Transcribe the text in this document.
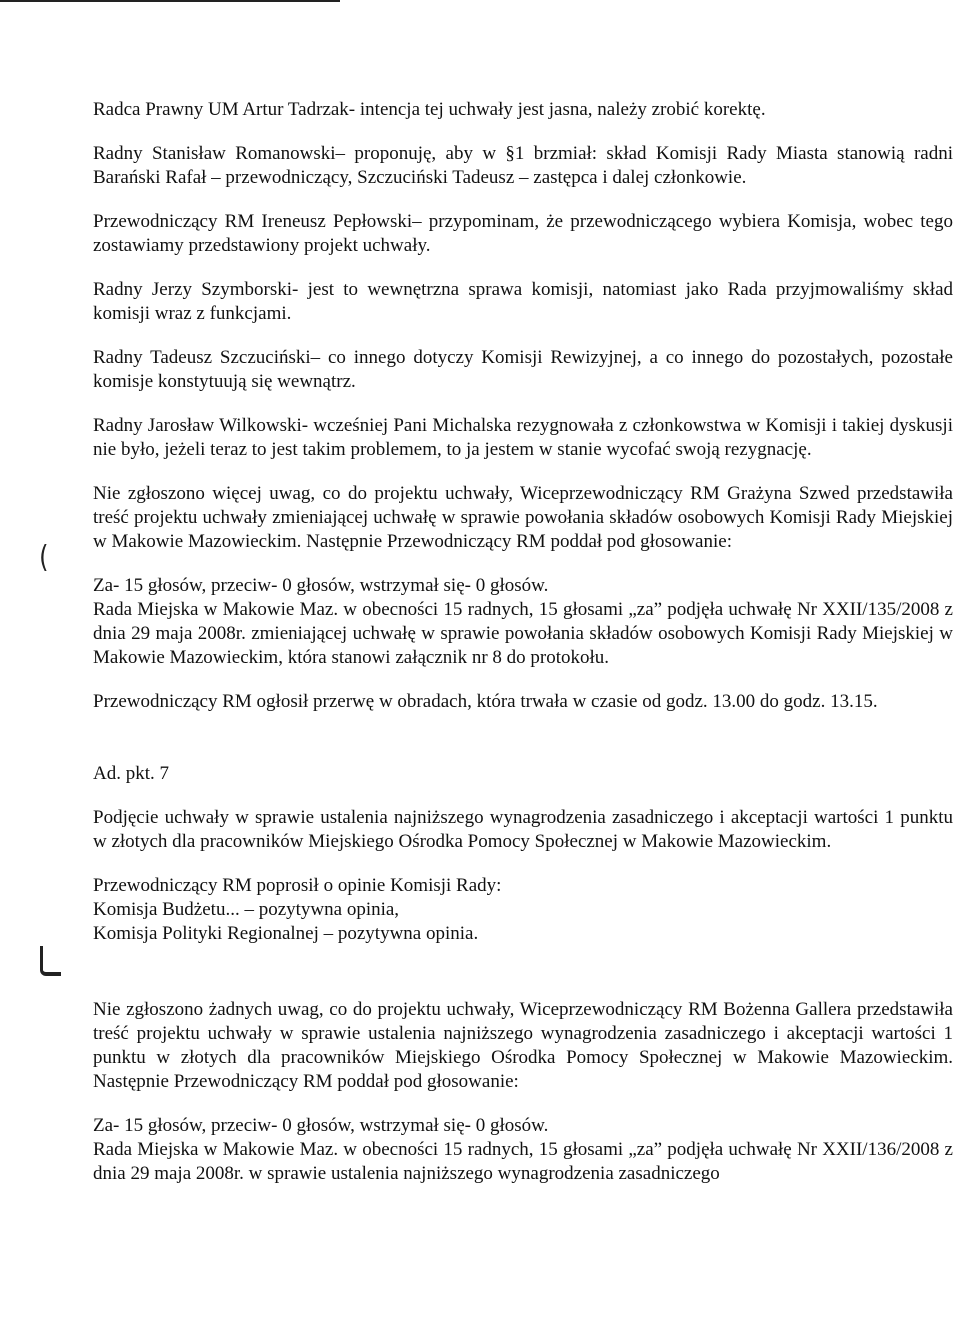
(

Radca Prawny UM Artur Tadrzak- intencja tej uchwały jest jasna, należy zrobić korektę.

Radny Stanisław Romanowski– proponuję, aby w §1 brzmiał: skład Komisji Rady Miasta stanowią radni Barański Rafał – przewodniczący, Szczuciński Tadeusz – zastępca i dalej członkowie.

Przewodniczący RM Ireneusz Pepłowski– przypominam, że przewodniczącego wybiera Komisja, wobec tego zostawiamy przedstawiony projekt uchwały.

Radny Jerzy Szymborski- jest to wewnętrzna sprawa komisji, natomiast jako Rada przyjmowaliśmy skład komisji wraz z funkcjami.

Radny Tadeusz Szczuciński– co innego dotyczy Komisji Rewizyjnej, a co innego do pozostałych, pozostałe komisje konstytuują się wewnątrz.

Radny Jarosław Wilkowski- wcześniej Pani Michalska rezygnowała z członkowstwa w Komisji i takiej dyskusji nie było, jeżeli teraz to jest takim problemem, to ja jestem w stanie wycofać swoją rezygnację.

Nie zgłoszono więcej uwag, co do projektu uchwały, Wiceprzewodniczący RM Grażyna Szwed przedstawiła treść projektu uchwały zmieniającej uchwałę w sprawie powołania składów osobowych Komisji Rady Miejskiej w Makowie Mazowieckim. Następnie Przewodniczący RM poddał pod głosowanie:

Za- 15 głosów, przeciw- 0 głosów, wstrzymał się- 0 głosów.

Rada Miejska w Makowie Maz. w obecności 15 radnych, 15 głosami „za” podjęła uchwałę Nr XXII/135/2008 z dnia 29 maja 2008r. zmieniającej uchwałę w sprawie powołania składów osobowych Komisji Rady Miejskiej w Makowie Mazowieckim, która stanowi załącznik nr 8 do protokołu.

Przewodniczący RM ogłosił przerwę w obradach, która trwała w czasie od godz. 13.00 do godz. 13.15.

Ad. pkt. 7

Podjęcie uchwały w sprawie ustalenia najniższego wynagrodzenia zasadniczego i akceptacji wartości 1 punktu w złotych dla pracowników Miejskiego Ośrodka Pomocy Społecznej w Makowie Mazowieckim.

Przewodniczący RM poprosił o opinie Komisji Rady:

Komisja Budżetu... – pozytywna opinia,

Komisja Polityki Regionalnej – pozytywna opinia.

Nie zgłoszono żadnych uwag, co do projektu uchwały, Wiceprzewodniczący RM Bożenna Gallera przedstawiła treść projektu uchwały w sprawie ustalenia najniższego wynagrodzenia zasadniczego i akceptacji wartości 1 punktu w złotych dla pracowników Miejskiego Ośrodka Pomocy Społecznej w Makowie Mazowieckim. Następnie Przewodniczący RM poddał pod głosowanie:

Za- 15 głosów, przeciw- 0 głosów, wstrzymał się- 0 głosów.

Rada Miejska w Makowie Maz. w obecności 15 radnych, 15 głosami „za” podjęła uchwałę Nr XXII/136/2008 z dnia 29 maja 2008r. w sprawie ustalenia najniższego wynagrodzenia zasadniczego
